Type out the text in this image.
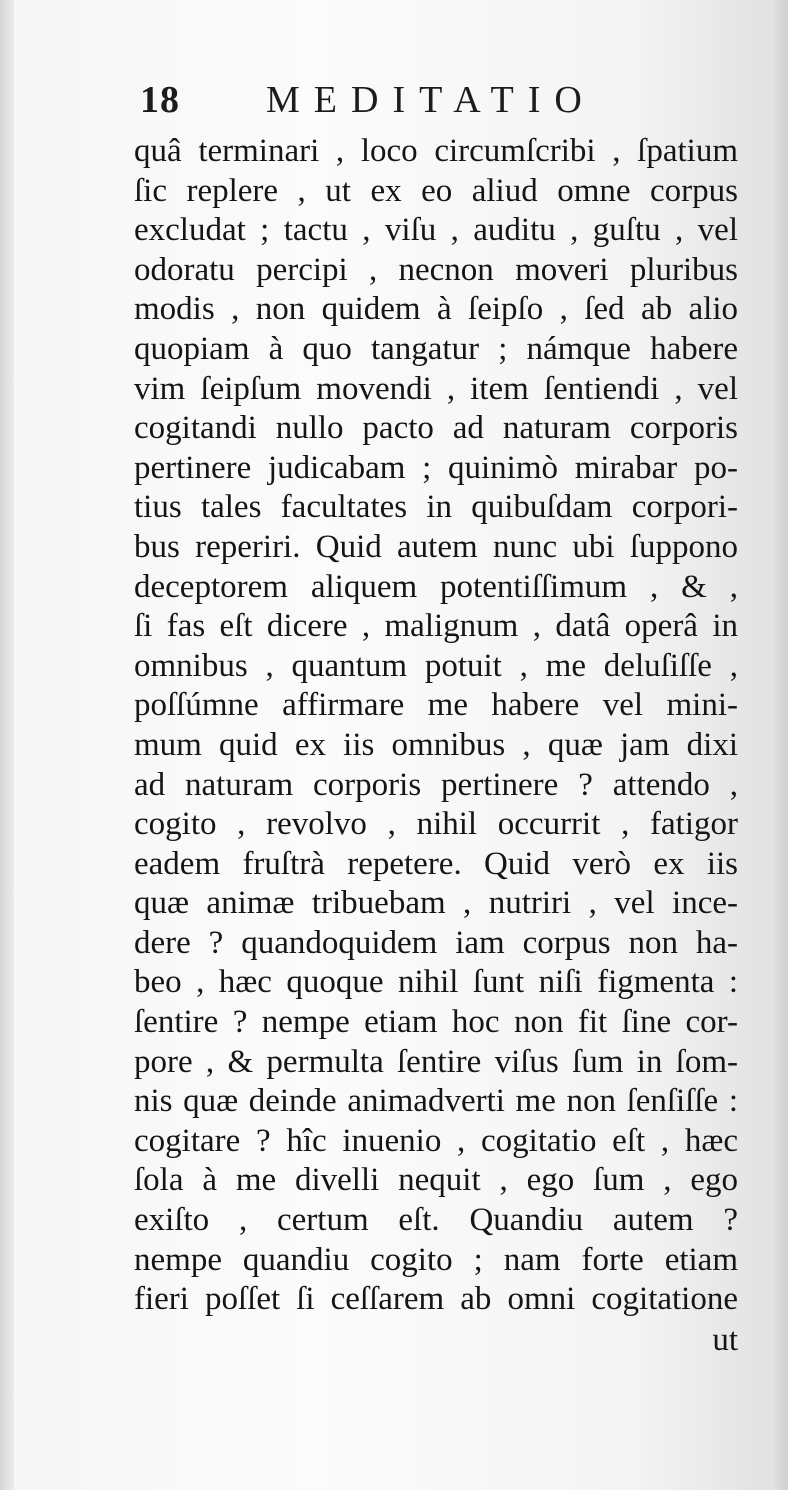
18 MEDITATIO
quâ terminari , loco circumſcribi , ſpatium
ſic replere , ut ex eo aliud omne corpus
excludat ; tactu , viſu , auditu , guſtu , vel
odoratu percipi , necnon moveri pluribus
modis , non quidem à ſeipſo , ſed ab alio
quopiam à quo tangatur ; námque habere
vim ſeipſum movendi , item ſentiendi , vel
cogitandi nullo pacto ad naturam corporis
pertinere judicabam ; quinimò mirabar po-
tius tales facultates in quibuſdam corpori-
bus reperiri. Quid autem nunc ubi ſuppono
deceptorem aliquem potentiſſimum , & ,
ſi fas eſt dicere , malignum , datâ operâ in
omnibus , quantum potuit , me deluſiſſe ,
poſſúmne affirmare me habere vel mini-
mum quid ex iis omnibus , quæ jam dixi
ad naturam corporis pertinere ? attendo ,
cogito , revolvo , nihil occurrit , fatigor
eadem fruſtrà repetere. Quid verò ex iis
quæ animæ tribuebam , nutriri , vel ince-
dere ? quandoquidem iam corpus non ha-
beo , hæc quoque nihil ſunt niſi figmenta :
ſentire ? nempe etiam hoc non fit ſine cor-
pore , & permulta ſentire viſus ſum in ſom-
nis quæ deinde animadverti me non ſenſiſſe :
cogitare ? hîc inuenio , cogitatio eſt , hæc
ſola à me divelli nequit , ego ſum , ego
exiſto , certum eſt. Quandiu autem ?
nempe quandiu cogito ; nam forte etiam
fieri poſſet ſi ceſſarem ab omni cogitatione
ut
